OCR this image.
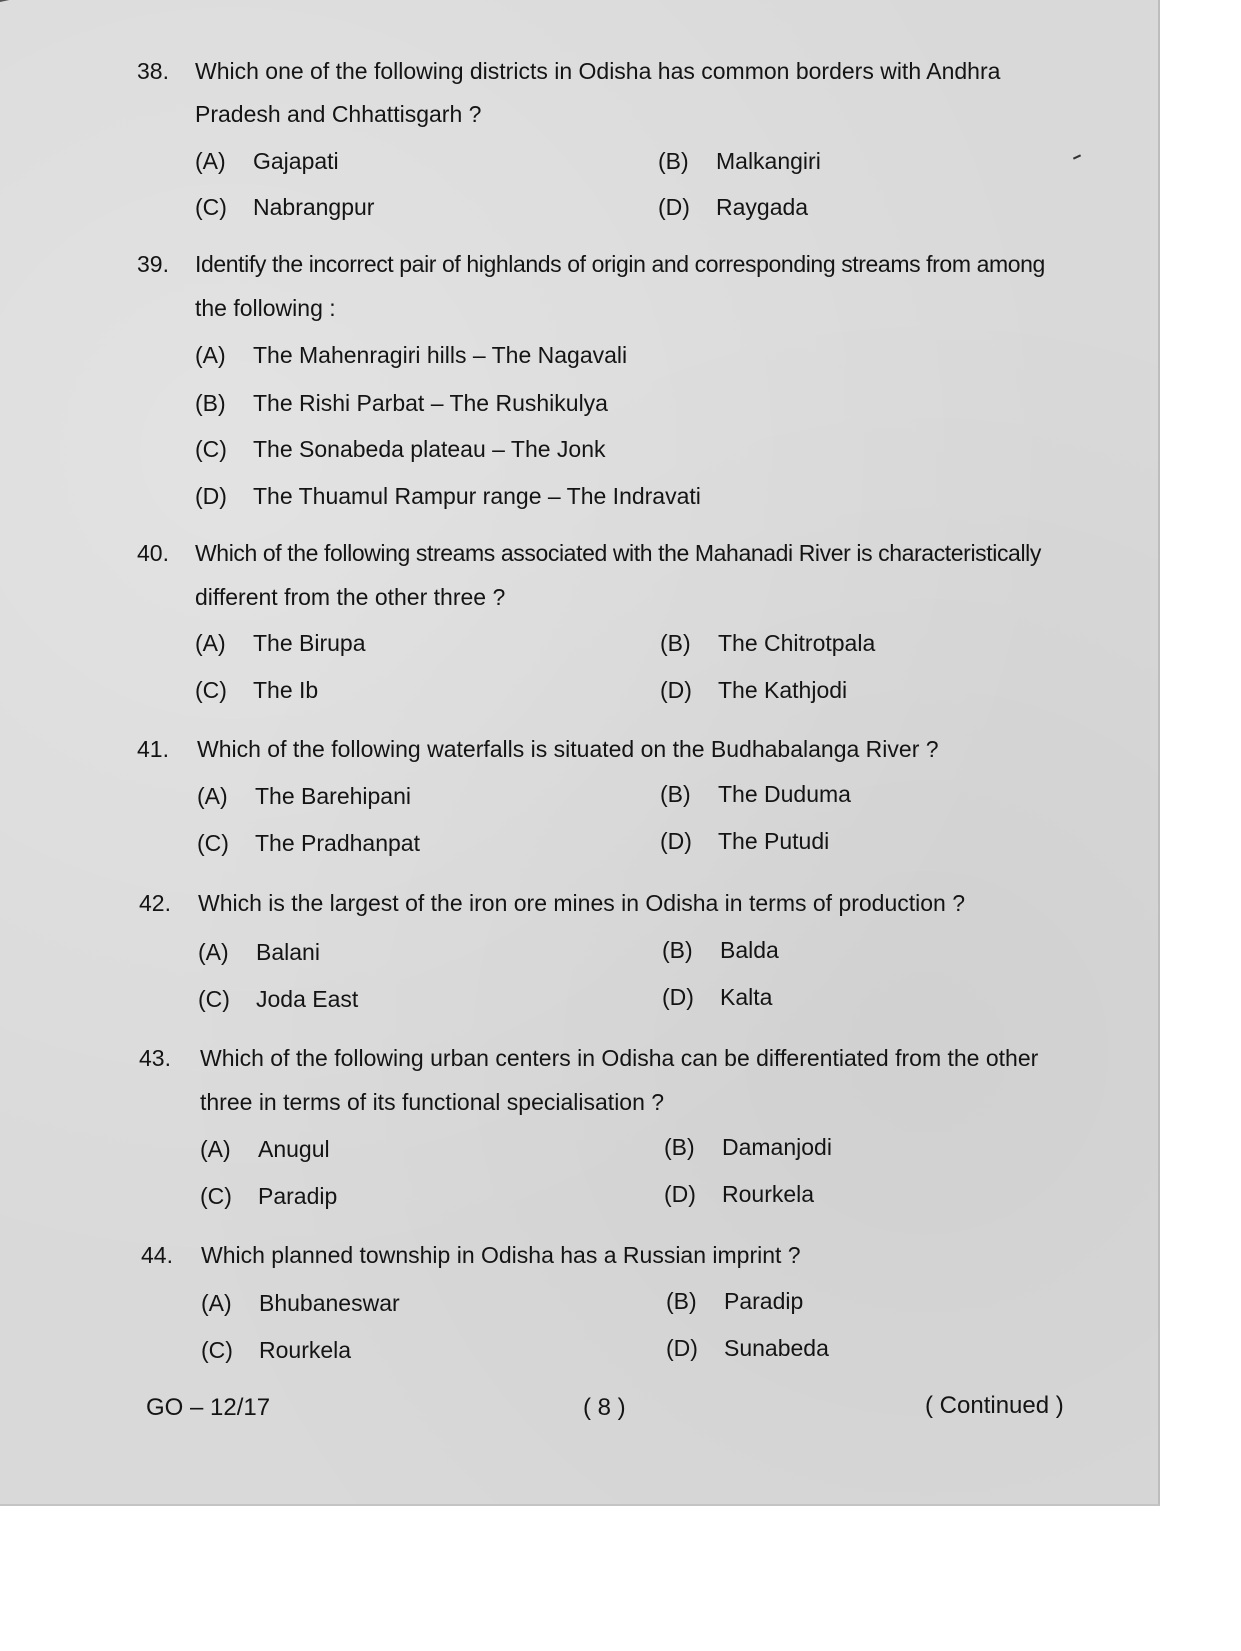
38. Which one of the following districts in Odisha has common borders with Andhra
Pradesh and Chhattisgarh ?
(A) Gajapati	(B) Malkangiri
(C) Nabrangpur	(D) Raygada
39. Identify the incorrect pair of highlands of origin and corresponding streams from among
the following :
(A) The Mahenragiri hills – The Nagavali
(B) The Rishi Parbat – The Rushikulya
(C) The Sonabeda plateau – The Jonk
(D) The Thuamul Rampur range – The Indravati
40. Which of the following streams associated with the Mahanadi River is characteristically
different from the other three ?
(A) The Birupa	(B) The Chitrotpala
(C) The Ib	(D) The Kathjodi
41. Which of the following waterfalls is situated on the Budhabalanga River ?
(A) The Barehipani	(B) The Duduma
(C) The Pradhanpat	(D) The Putudi
42. Which is the largest of the iron ore mines in Odisha in terms of production ?
(A) Balani	(B) Balda
(C) Joda East	(D) Kalta
43. Which of the following urban centers in Odisha can be differentiated from the other
three in terms of its functional specialisation ?
(A) Anugul	(B) Damanjodi
(C) Paradip	(D) Rourkela
44. Which planned township in Odisha has a Russian imprint ?
(A) Bhubaneswar	(B) Paradip
(C) Rourkela	(D) Sunabeda
GO – 12/17	( 8 )	( Continued )
